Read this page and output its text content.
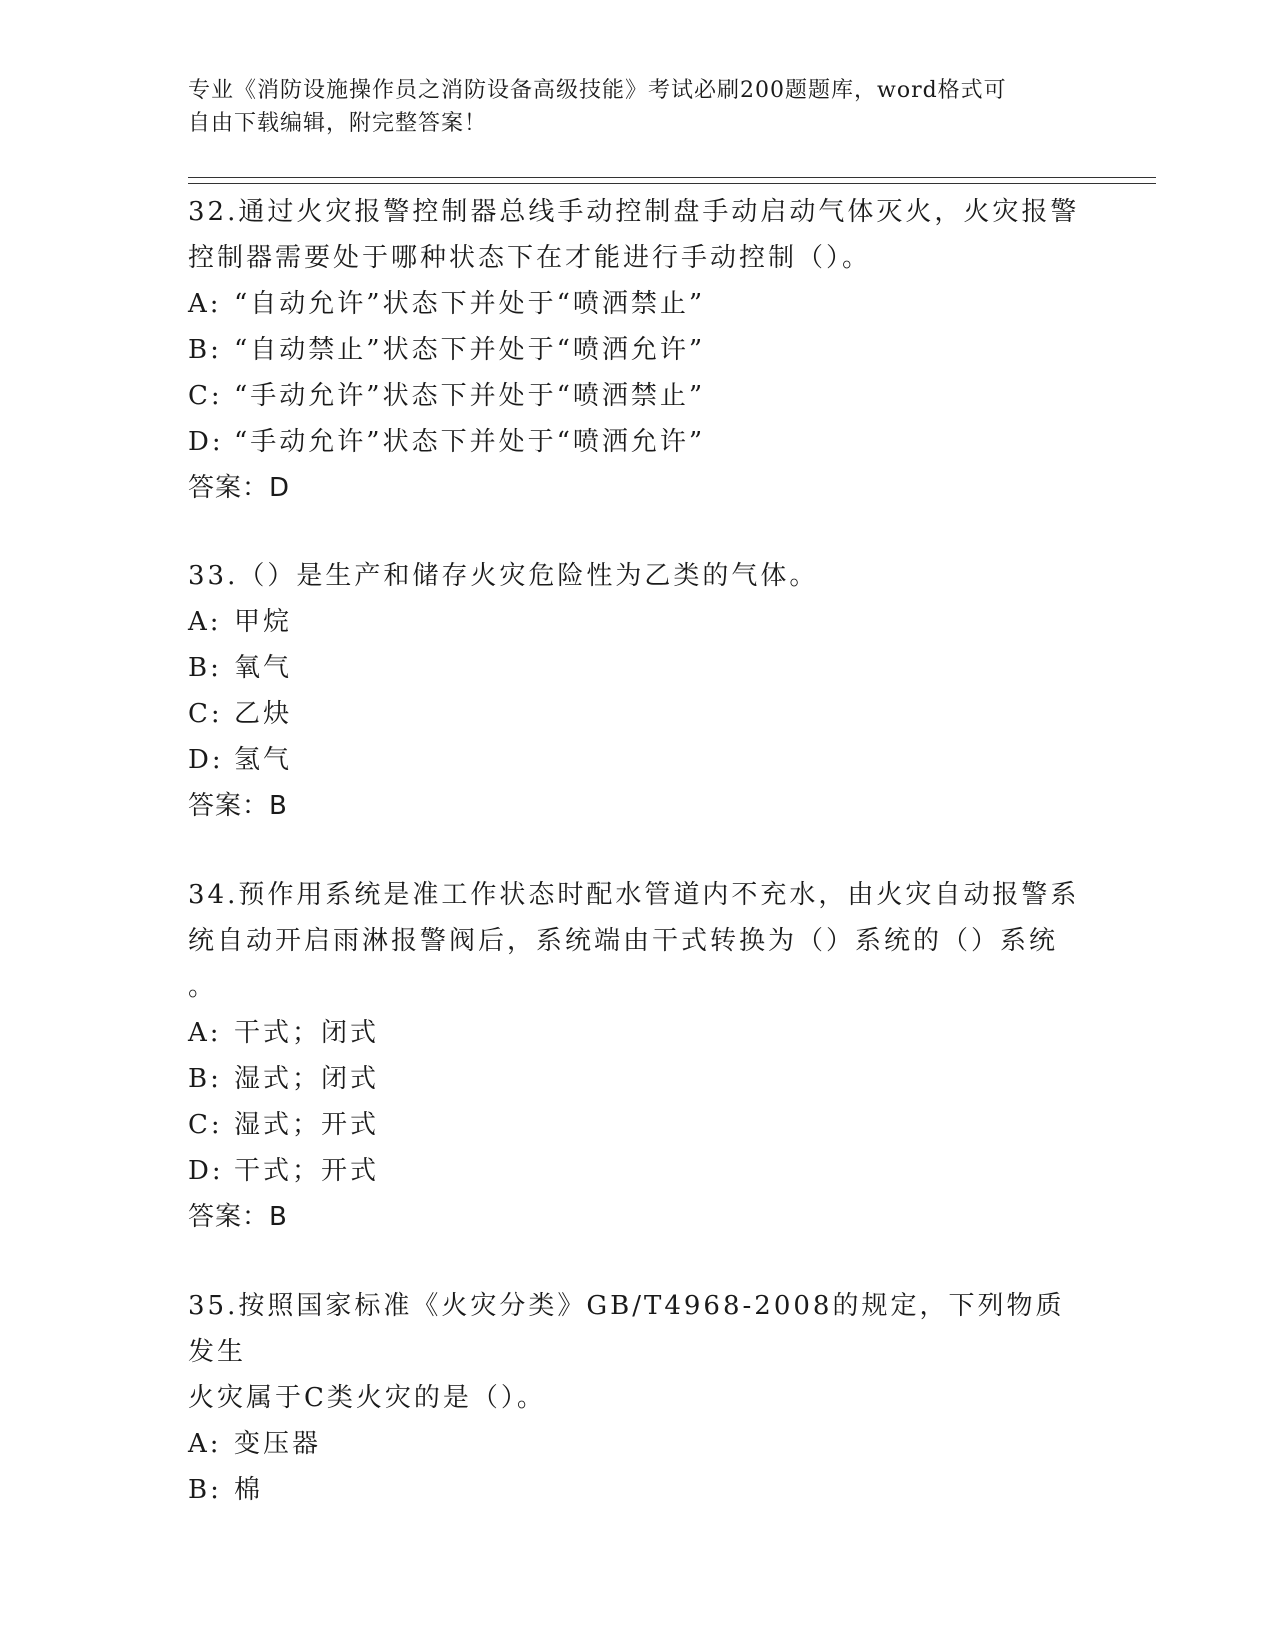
专业《消防设施操作员之消防设备高级技能》考试必刷200题题库，word格式可
自由下载编辑，附完整答案！
32.通过火灾报警控制器总线手动控制盘手动启动气体灭火，火灾报警
控制器需要处于哪种状态下在才能进行手动控制（）。
A: “自动允许”状态下并处于“喷洒禁止”
B: “自动禁止”状态下并处于“喷洒允许”
C: “手动允许”状态下并处于“喷洒禁止”
D: “手动允许”状态下并处于“喷洒允许”
答案：D
33.（）是生产和储存火灾危险性为乙类的气体。
A: 甲烷
B: 氧气
C: 乙炔
D: 氢气
答案：B
34.预作用系统是准工作状态时配水管道内不充水，由火灾自动报警系
统自动开启雨淋报警阀后，系统端由干式转换为（）系统的（）系统
。
A: 干式；闭式
B: 湿式；闭式
C: 湿式；开式
D: 干式；开式
答案：B
35.按照国家标准《火灾分类》GB/T4968-2008的规定，下列物质发生
火灾属于C类火灾的是（）。
A: 变压器
B: 棉
